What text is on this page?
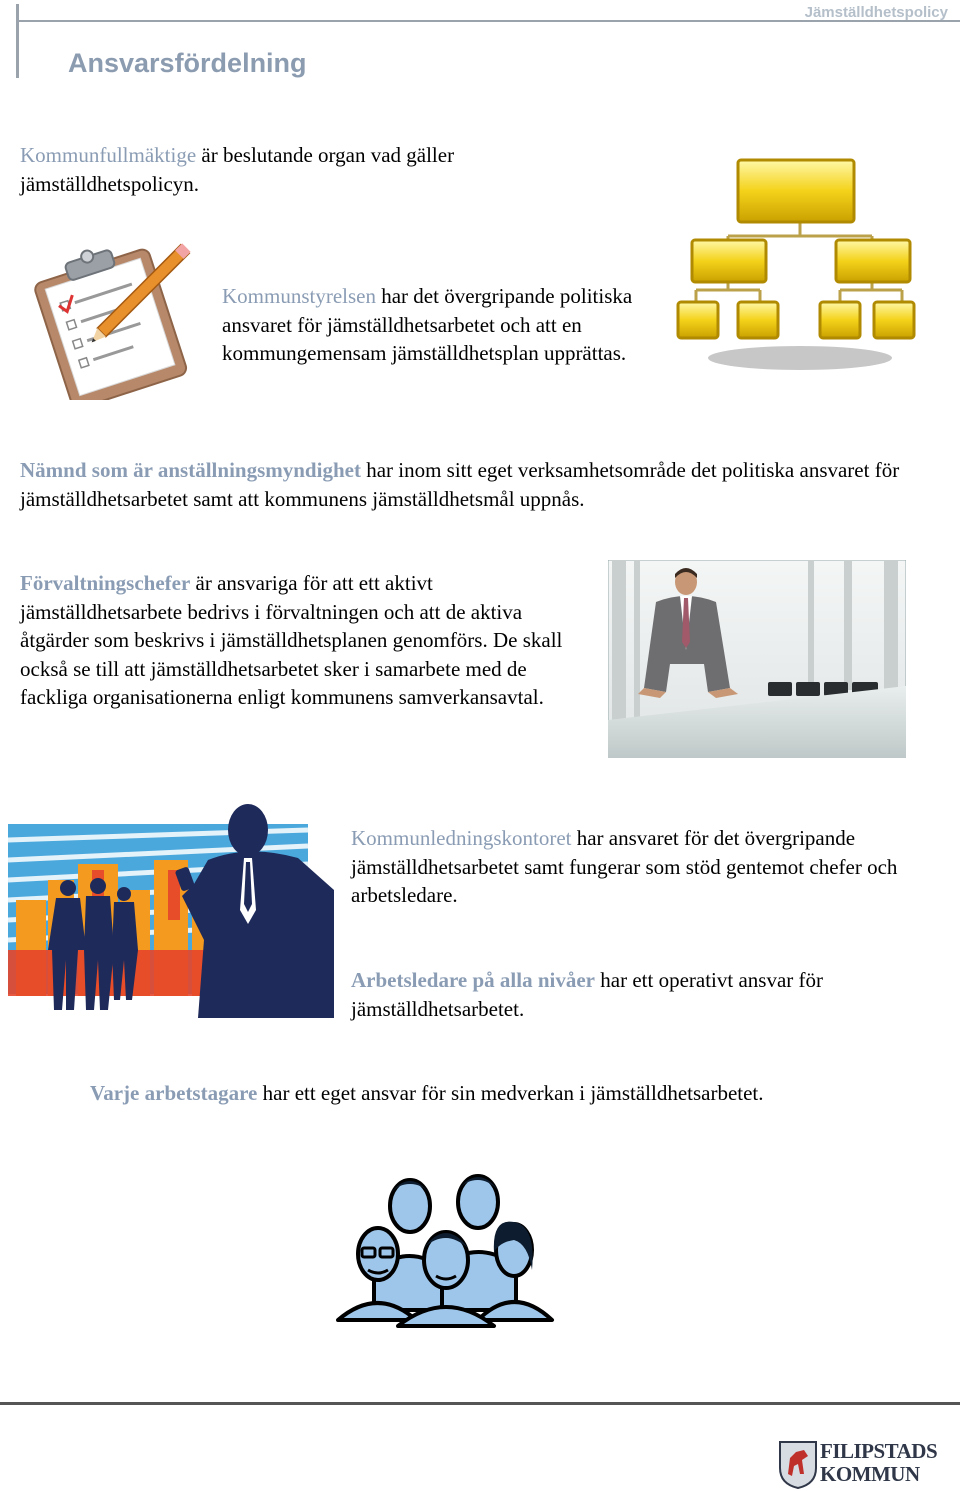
Jämställdhetspolicy
Ansvarsfördelning
Kommunfullmäktige är beslutande organ vad gäller jämställdhetspolicyn.
Kommunstyrelsen har det övergripande politiska ansvaret för jämställdhetsarbetet och att en kommungemensam jämställdhetsplan upprättas.
Nämnd som är anställningsmyndighet har inom sitt eget verksamhetsområde det politiska ansvaret för jämställdhetsarbetet samt att kommunens jämställdhetsmål uppnås.
Förvaltningschefer är ansvariga för att ett aktivt jämställdhetsarbete bedrivs i förvaltningen och att de aktiva åtgärder som beskrivs i jämställdhetsplanen genomförs. De skall också se till att jämställdhetsarbetet sker i samarbete med de fackliga organisationerna enligt kommunens samverkansavtal.
Kommunledningskontoret har ansvaret för det övergripande jämställdhetsarbetet samt fungerar som stöd gentemot chefer och arbetsledare.
Arbetsledare på alla nivåer har ett operativt ansvar för jämställdhetsarbetet.
Varje arbetstagare har ett eget ansvar för sin medverkan i jämställdhetsarbetet.
FILIPSTADS
KOMMUN
